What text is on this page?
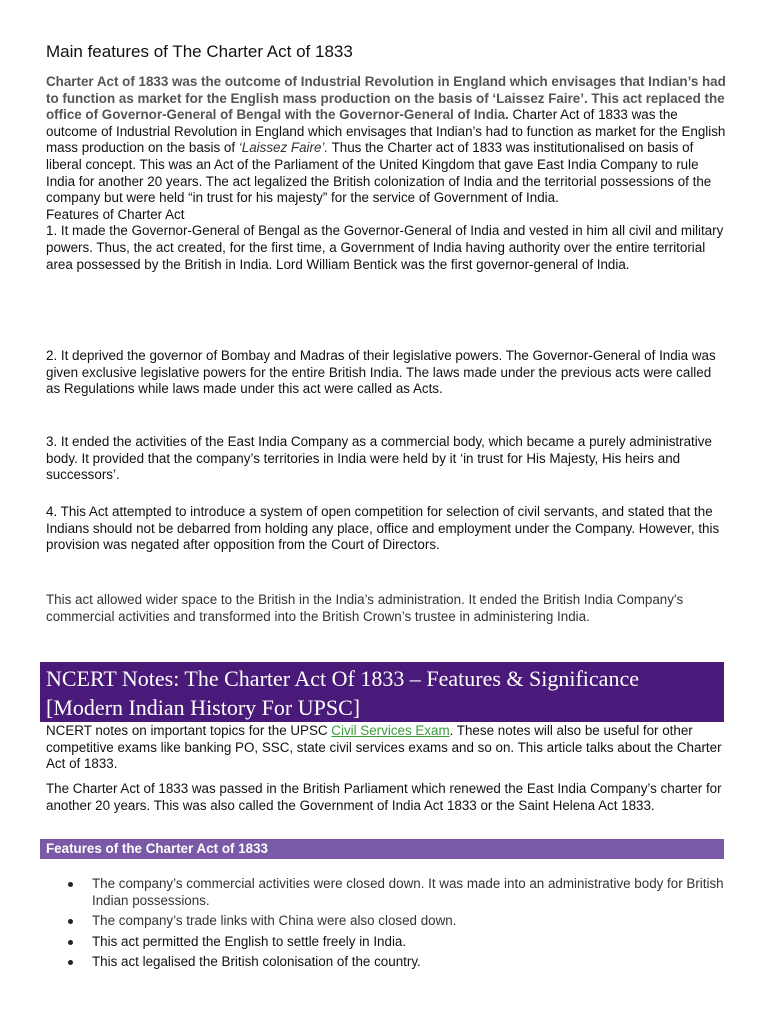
Main features of The Charter Act of 1833
Charter Act of 1833 was the outcome of Industrial Revolution in England which envisages that Indian’s had to function as market for the English mass production on the basis of ‘Laissez Faire’. This act replaced the office of Governor-General of Bengal with the Governor-General of India. Charter Act of 1833 was the outcome of Industrial Revolution in England which envisages that Indian’s had to function as market for the English mass production on the basis of ‘Laissez Faire’. Thus the Charter act of 1833 was institutionalised on basis of liberal concept. This was an Act of the Parliament of the United Kingdom that gave East India Company to rule India for another 20 years. The act legalized the British colonization of India and the territorial possessions of the company but were held “in trust for his majesty” for the service of Government of India.
Features of Charter Act
1. It made the Governor-General of Bengal as the Governor-General of India and vested in him all civil and military powers. Thus, the act created, for the first time, a Government of India having authority over the entire territorial area possessed by the British in India. Lord William Bentick was the first governor-general of India.
2. It deprived the governor of Bombay and Madras of their legislative powers. The Governor-General of India was given exclusive legislative powers for the entire British India. The laws made under the previous acts were called as Regulations while laws made under this act were called as Acts.
3. It ended the activities of the East India Company as a commercial body, which became a purely administrative body. It provided that the company’s territories in India were held by it ‘in trust for His Majesty, His heirs and successors’.
4. This Act attempted to introduce a system of open competition for selection of civil servants, and stated that the Indians should not be debarred from holding any place, office and employment under the Company. However, this provision was negated after opposition from the Court of Directors.
This act allowed wider space to the British in the India’s administration. It ended the British India Company's commercial activities and transformed into the British Crown’s trustee in administering India.
NCERT Notes: The Charter Act Of 1833 – Features & Significance [Modern Indian History For UPSC]
NCERT notes on important topics for the UPSC Civil Services Exam. These notes will also be useful for other competitive exams like banking PO, SSC, state civil services exams and so on. This article talks about the Charter Act of 1833.
The Charter Act of 1833 was passed in the British Parliament which renewed the East India Company’s charter for another 20 years. This was also called the Government of India Act 1833 or the Saint Helena Act 1833.
Features of the Charter Act of 1833
The company’s commercial activities were closed down. It was made into an administrative body for British Indian possessions.
The company’s trade links with China were also closed down.
This act permitted the English to settle freely in India.
This act legalised the British colonisation of the country.
